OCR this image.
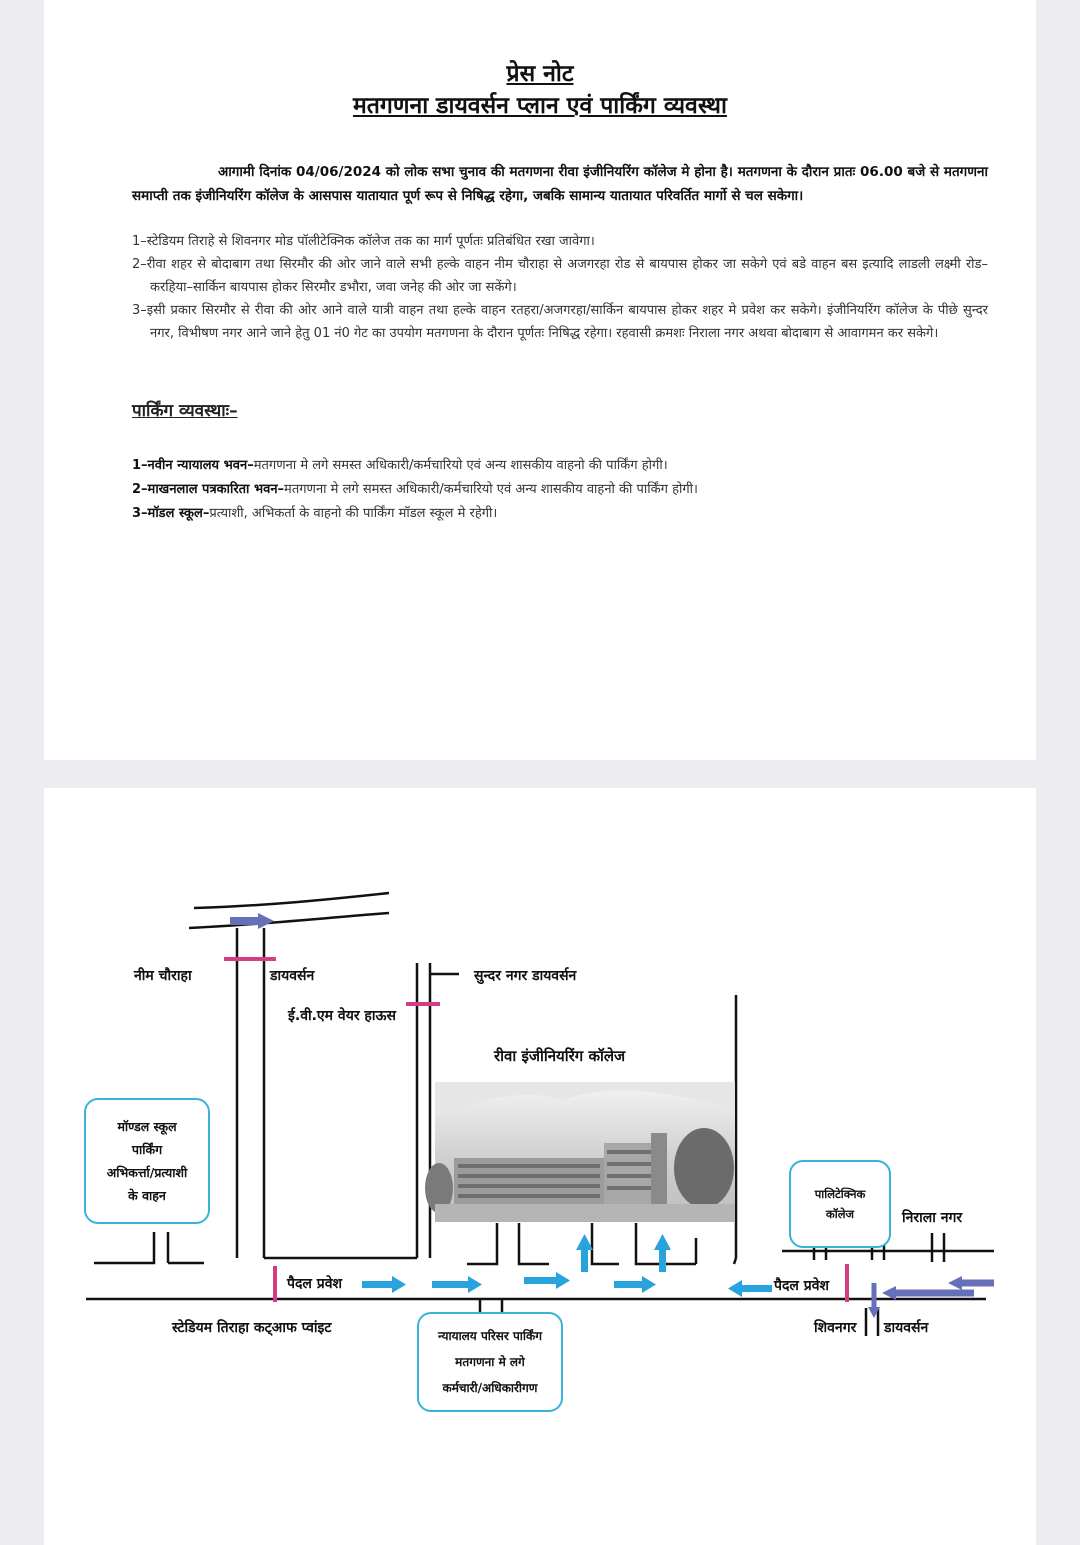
प्रेस नोट
मतगणना डायवर्सन प्लान एवं पार्किंग व्यवस्था
आगामी दिनांक 04/06/2024 को लोक सभा चुनाव की मतगणना रीवा इंजीनियरिंग कॉलेज मे होना है। मतगणना के दौरान प्रातः 06.00 बजे से मतगणना समाप्ती तक इंजीनियरिंग कॉलेज के आसपास यातायात पूर्ण रूप से निषिद्ध रहेगा, जबकि सामान्य यातायात परिवर्तित मार्गो से चल सकेगा।
1–स्टेडियम तिराहे से शिवनगर मोड पॉलीटेक्निक कॉलेज तक का मार्ग पूर्णतः प्रतिबंधित रखा जावेगा।
2–रीवा शहर से बोदाबाग तथा सिरमौर की ओर जाने वाले सभी हल्के वाहन नीम चौराहा से अजगरहा रोड से बायपास होकर जा सकेगे एवं बडे वाहन बस इत्यादि लाडली लक्ष्मी रोड–करहिया–सार्किन बायपास होकर सिरमौर डभौरा, जवा जनेह की ओर जा सकेंगे।
3–इसी प्रकार सिरमौर से रीवा की ओर आने वाले यात्री वाहन तथा हल्के वाहन रतहरा/अजगरहा/सार्किन बायपास होकर शहर मे प्रवेश कर सकेगे। इंजीनियरिंग कॉलेज के पीछे सुन्दर नगर, विभीषण नगर आने जाने हेतु 01 नं0 गेट का उपयोग मतगणना के दौरान पूर्णतः निषिद्ध रहेगा। रहवासी क्रमशः निराला नगर अथवा बोदाबाग से आवागमन कर सकेगे।
पार्किंग व्यवस्थाः–
1–नवीन न्यायालय भवन–मतगणना मे लगे समस्त अधिकारी/कर्मचारियो एवं अन्य शासकीय वाहनो की पार्किंग होगी।
2–माखनलाल पत्रकारिता भवन–मतगणना मे लगे समस्त अधिकारी/कर्मचारियो एवं अन्य शासकीय वाहनो की पार्किंग होगी।
3–मॉडल स्कूल–प्रत्याशी, अभिकर्ता के वाहनो की पार्किंग मॉडल स्कूल मे रहेगी।
नीम चौराहा	डायवर्सन
ई.वी.एम वेयर हाऊस
सुन्दर नगर डायवर्सन
रीवा इंजीनियरिंग कॉलेज
निराला नगर
पैदल प्रवेश	पैदल प्रवेश
स्टेडियम तिराहा कट्आफ प्वांइट	शिवनगर डायवर्सन
मॉण्डल स्कूल
पार्किंग
अभिकर्त्ता/प्रत्याशी
के वाहन	पालिटेक्निक
कॉलेज
न्यायालय परिसर पार्किंग
मतगणना मे लगे
कर्मचारी/अधिकारीगण
